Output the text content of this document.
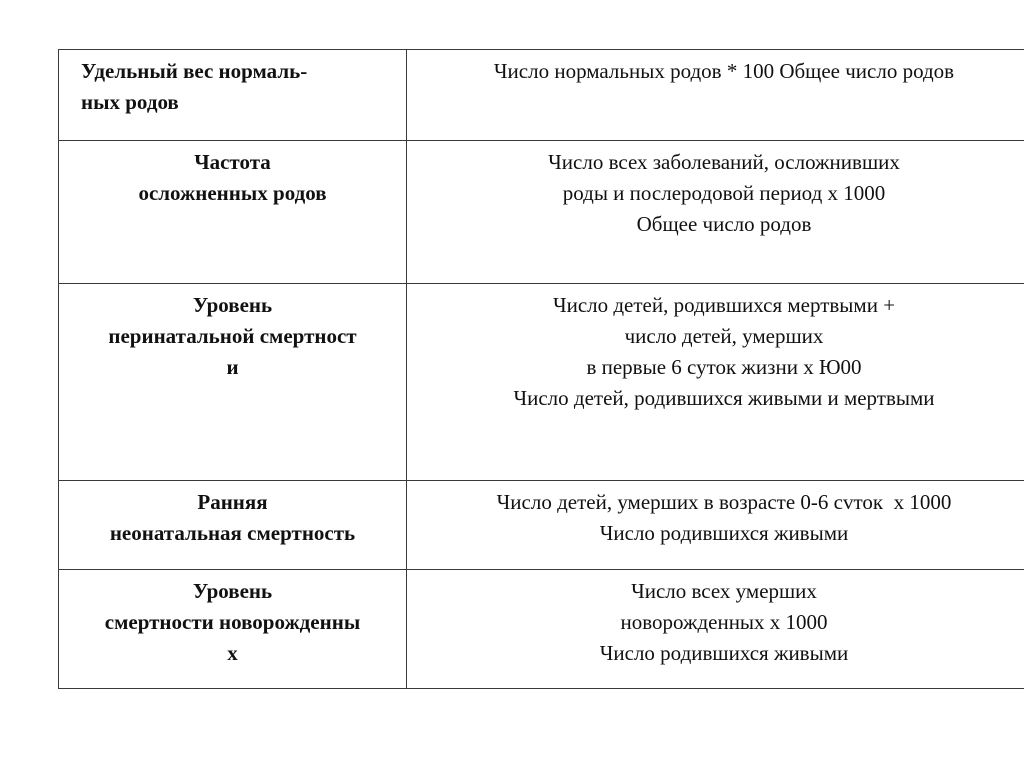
Удельный вес нормаль-
ных родов	Число нормальных родов * 100 Общее число родов

Частота
осложненных родов	Число всех заболеваний, осложнивших
роды и послеродовой период х 1000
Общее число родов

Уровень
перинатальной смертност
и	Число детей, родившихся мертвыми +
число детей, умерших
в первые 6 суток жизни х Ю00
Число детей, родившихся живыми и мертвыми

Ранняя
неонатальная смертность	Число детей, умерших в возрасте 0-6 сvток  х 1000
Число родившихся живыми

Уровень
смертности новорожденны
х	Число всех умерших
новорожденных х 1000
Число родившихся живыми
